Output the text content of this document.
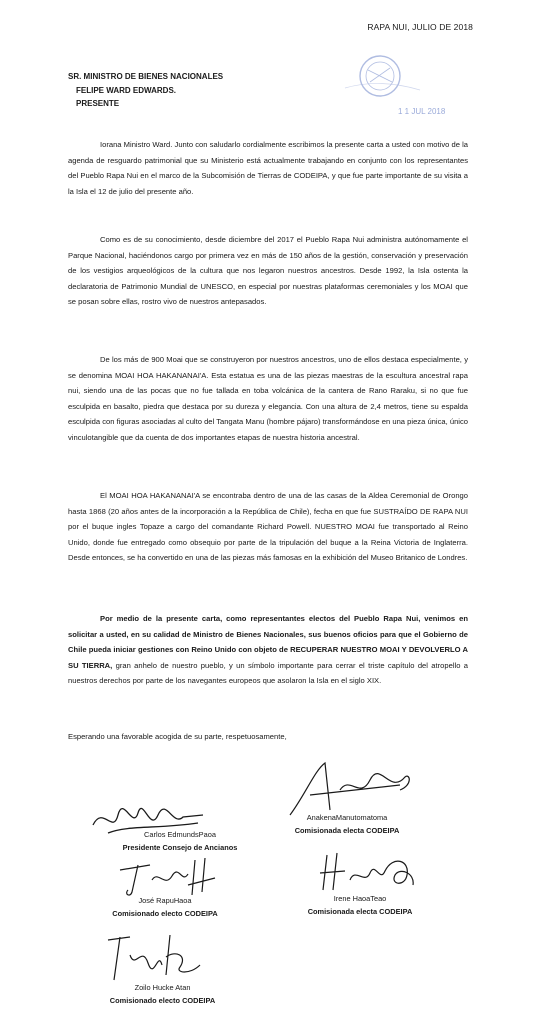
RAPA NUI, JULIO DE 2018
1 1 JUL 2018
SR. MINISTRO DE BIENES NACIONALES
FELIPE WARD EDWARDS.
PRESENTE

Iorana Ministro Ward. Junto con saludarlo cordialmente escribimos la presente carta a usted con motivo de la agenda de resguardo patrimonial que su Ministerio está actualmente trabajando en conjunto con los representantes del Pueblo Rapa Nui en el marco de la Subcomisión de Tierras de CODEIPA, y que fue parte importante de su visita a la Isla el 12 de julio del presente año.

Como es de su conocimiento, desde diciembre del 2017 el Pueblo Rapa Nui administra autónomamente el Parque Nacional, haciéndonos cargo por primera vez en más de 150 años de la gestión, conservación y preservación de los vestigios arqueológicos de la cultura que nos legaron nuestros ancestros. Desde 1992, la Isla ostenta la declaratoria de Patrimonio Mundial de UNESCO, en especial por nuestras plataformas ceremoniales y los MOAI que se posan sobre ellas, rostro vivo de nuestros antepasados.

De los más de 900 Moai que se construyeron por nuestros ancestros, uno de ellos destaca especialmente, y se denomina MOAI HOA HAKANANAI'A. Esta estatua es una de las piezas maestras de la escultura ancestral rapa nui, siendo una de las pocas que no fue tallada en toba volcánica de la cantera de Rano Raraku, si no que fue esculpida en basalto, piedra que destaca por su dureza y elegancia. Con una altura de 2,4 metros, tiene su espalda esculpida con figuras asociadas al culto del Tangata Manu (hombre pájaro) transformándose en una pieza única, único vinculotangible que da cuenta de dos importantes etapas de nuestra historia ancestral.

El MOAI HOA HAKANANAI'A se encontraba dentro de una de las casas de la Aldea Ceremonial de Orongo hasta 1868 (20 años antes de la incorporación a la República de Chile), fecha en que fue SUSTRAÍDO DE RAPA NUI por el buque ingles Topaze a cargo del comandante Richard Powell. NUESTRO MOAI fue transportado al Reino Unido, donde fue entregado como obsequio por parte de la tripulación del buque a la Reina Victoria de Inglaterra. Desde entonces, se ha convertido en una de las piezas más famosas en la exhibición del Museo Britanico de Londres.

Por medio de la presente carta, como representantes electos del Pueblo Rapa Nui, venimos en solicitar a usted, en su calidad de Ministro de Bienes Nacionales, sus buenos oficios para que el Gobierno de Chile pueda iniciar gestiones con Reino Unido con objeto de RECUPERAR NUESTRO MOAI Y DEVOLVERLO A SU TIERRA, gran anhelo de nuestro pueblo, y un símbolo importante para cerrar el triste capítulo del atropello a nuestros derechos por parte de los navegantes europeos que asolaron la Isla en el siglo XIX.

Esperando una favorable acogida de su parte, respetuosamente,
Carlos EdmundsPaoa
Presidente Consejo de Ancianos
AnakenaManutomatoma
Comisionada electa CODEIPA
José RapuHaoa
Comisionado electo CODEIPA
Irene HaoaTeao
Comisionada electa CODEIPA
Zoilo Hucke Atan
Comisionado electo CODEIPA
